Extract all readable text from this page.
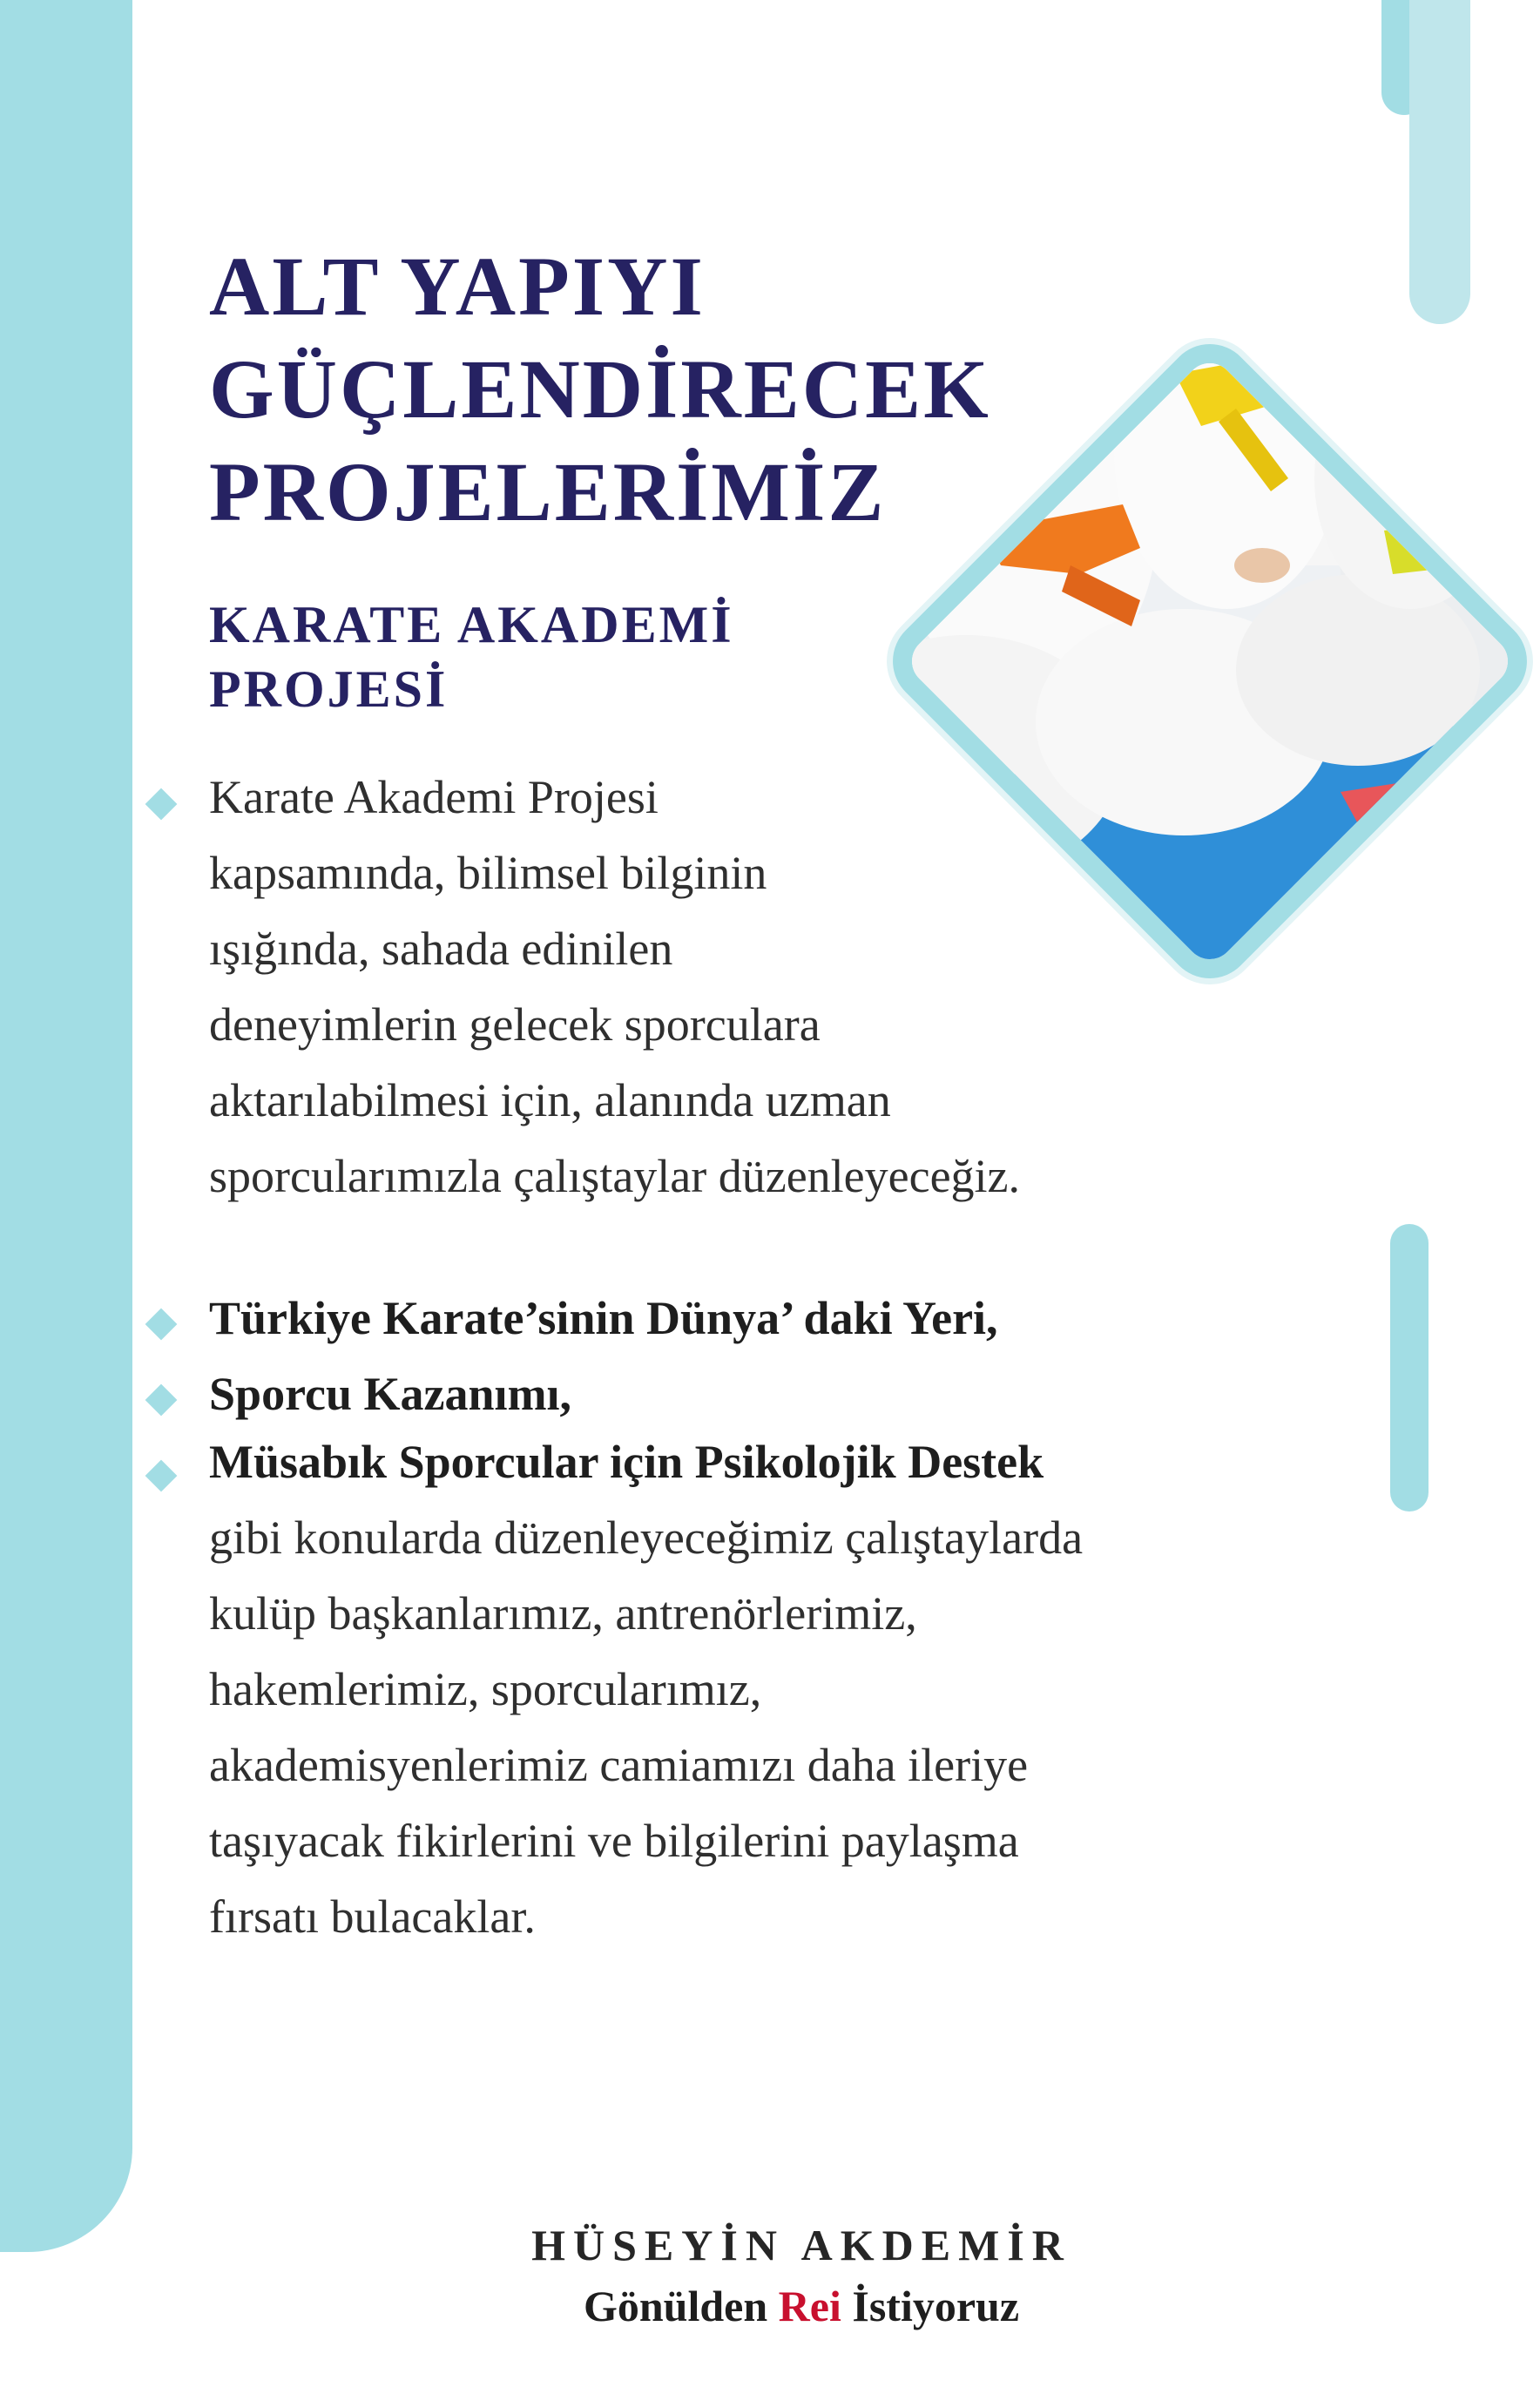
ALT YAPIYI
GÜÇLENDİRECEK
PROJELERİMİZ
KARATE AKADEMİ
PROJESİ

Karate Akademi Projesi
kapsamında, bilimsel bilginin
ışığında, sahada edinilen
deneyimlerin gelecek sporculara
aktarılabilmesi için, alanında uzman
sporcularımızla çalıştaylar düzenleyeceğiz.

Türkiye Karate’sinin Dünya’ daki Yeri,

Sporcu Kazanımı,

Müsabık Sporcular için Psikolojik Destek

gibi konularda düzenleyeceğimiz çalıştaylarda
kulüp başkanlarımız, antrenörlerimiz,
hakemlerimiz, sporcularımız,
akademisyenlerimiz camiamızı daha ileriye
taşıyacak fikirlerini ve bilgilerini paylaşma
fırsatı bulacaklar.

HÜSEYİN AKDEMİR

Gönülden Rei İstiyoruz
